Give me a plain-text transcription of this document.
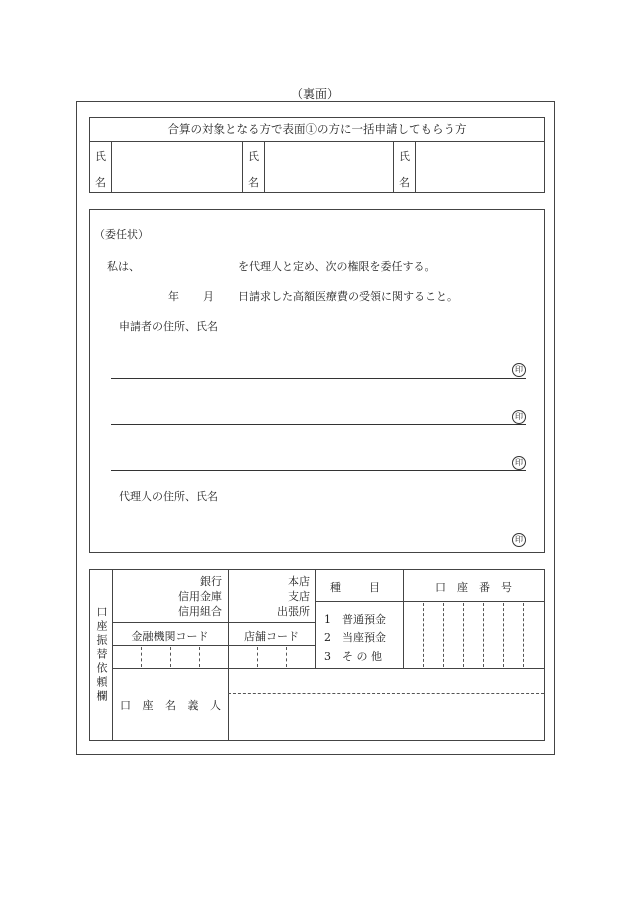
（裏面）
合算の対象となる方で表面①の方に一括申請してもらう方
氏
名
氏
名
氏
名
（委任状）
私は、	を代理人と定め、次の権限を委任する。
年 月 日請求した高額医療費の受領に関すること。
申請者の住所、氏名
印
印
印
代理人の住所、氏名
印
口座振替依頼欄
銀行
信用金庫
信用組合
本店
支店
出張所
金融機関コード	店舗コード
種　　目
1　普通預金
2　当座預金
3　そ の 他
口　座　番　号
口 座 名 義 人
